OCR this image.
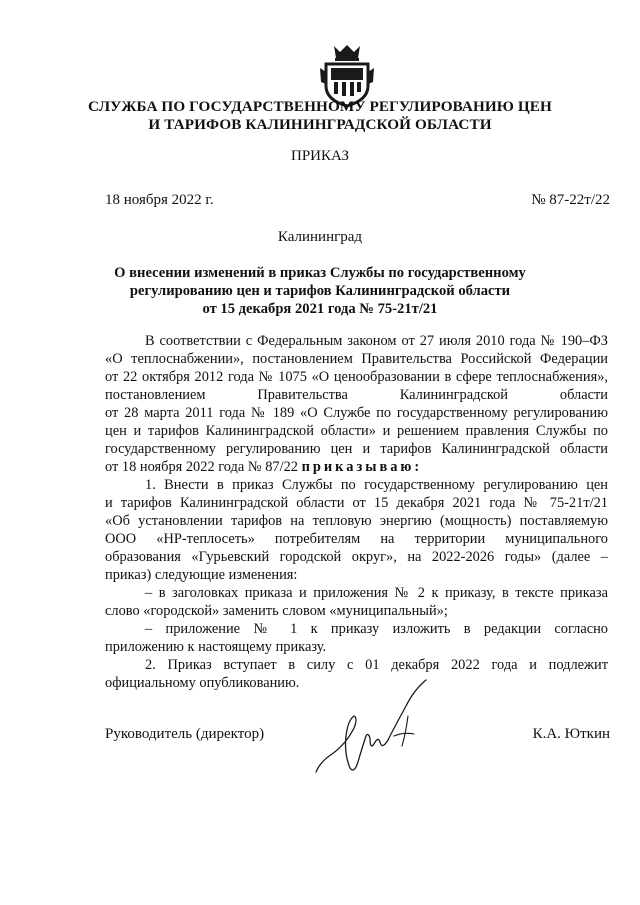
СЛУЖБА ПО ГОСУДАРСТВЕННОМУ РЕГУЛИРОВАНИЮ ЦЕН
И ТАРИФОВ КАЛИНИНГРАДСКОЙ ОБЛАСТИ
ПРИКАЗ
18 ноября 2022 г.	№ 87-22т/22
Калининград
О внесении изменений в приказ Службы по государственному
регулированию цен и тарифов Калининградской области
от 15 декабря 2021 года № 75-21т/21
В соответствии с Федеральным законом от 27 июля 2010 года № 190–ФЗ
«О теплоснабжении», постановлением Правительства Российской Федерации
от 22 октября 2012 года № 1075 «О ценообразовании в сфере теплоснабжения»,
постановлением	Правительства	Калининградской	области
от 28 марта 2011 года № 189 «О Службе по государственному регулированию
цен и тарифов Калининградской области» и решением правления Службы по
государственному регулированию цен и тарифов Калининградской области
от 18 ноября 2022 года № 87/22 приказываю:
1. Внести в приказ Службы по государственному регулированию цен
и тарифов Калининградской области от 15 декабря 2021 года № 75-21т/21
«Об установлении тарифов на тепловую энергию (мощность) поставляемую
ООО «НР-теплосеть» потребителям на территории муниципального
образования «Гурьевский городской округ», на 2022-2026 годы» (далее –
приказ) следующие изменения:
– в заголовках приказа и приложения № 2 к приказу, в тексте приказа
слово «городской» заменить словом «муниципальный»;
– приложение № 1 к приказу изложить в редакции согласно
приложению к настоящему приказу.
2. Приказ вступает в силу с 01 декабря 2022 года и подлежит
официальному опубликованию.
Руководитель (директор)	К.А. Юткин
